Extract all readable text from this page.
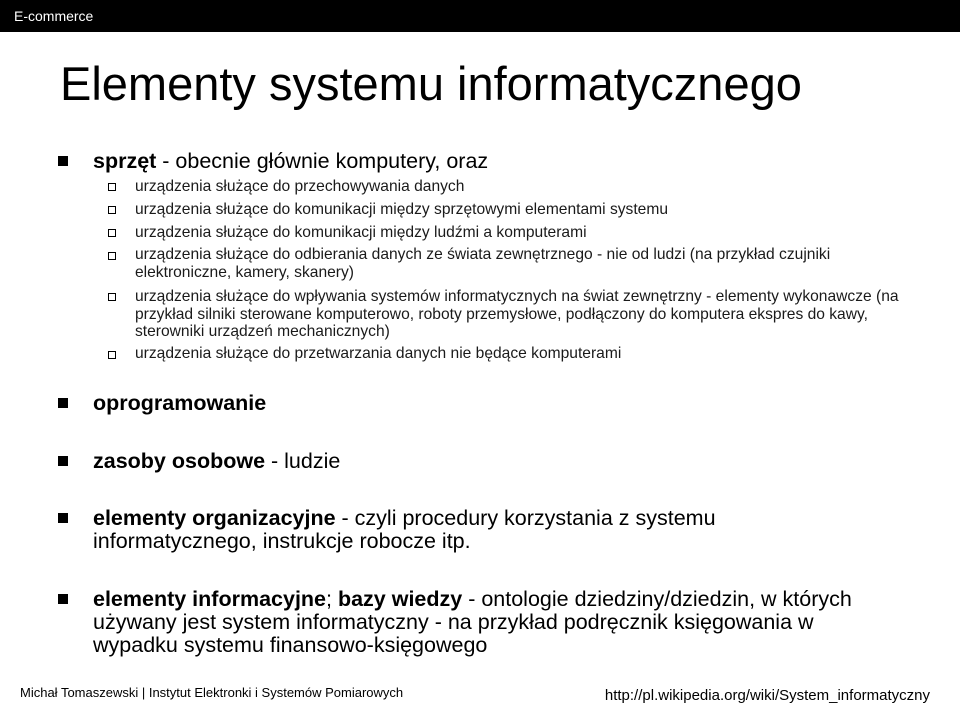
E-commerce
Elementy systemu informatycznego
sprzęt - obecnie głównie komputery, oraz
urządzenia służące do przechowywania danych
urządzenia służące do komunikacji między sprzętowymi elementami systemu
urządzenia służące do komunikacji między ludźmi a komputerami
urządzenia służące do odbierania danych ze świata zewnętrznego - nie od ludzi (na przykład czujniki elektroniczne, kamery, skanery)
urządzenia służące do wpływania systemów informatycznych na świat zewnętrzny - elementy wykonawcze (na przykład silniki sterowane komputerowo, roboty przemysłowe, podłączony do komputera ekspres do kawy, sterowniki urządzeń mechanicznych)
urządzenia służące do przetwarzania danych nie będące komputerami
oprogramowanie
zasoby osobowe - ludzie
elementy organizacyjne - czyli procedury korzystania z systemu informatycznego, instrukcje robocze itp.
elementy informacyjne; bazy wiedzy - ontologie dziedziny/dziedzin, w których używany jest system informatyczny - na przykład podręcznik księgowania w wypadku systemu finansowo-księgowego
Michał Tomaszewski | Instytut Elektronki i Systemów Pomiarowych	http://pl.wikipedia.org/wiki/System_informatyczny
